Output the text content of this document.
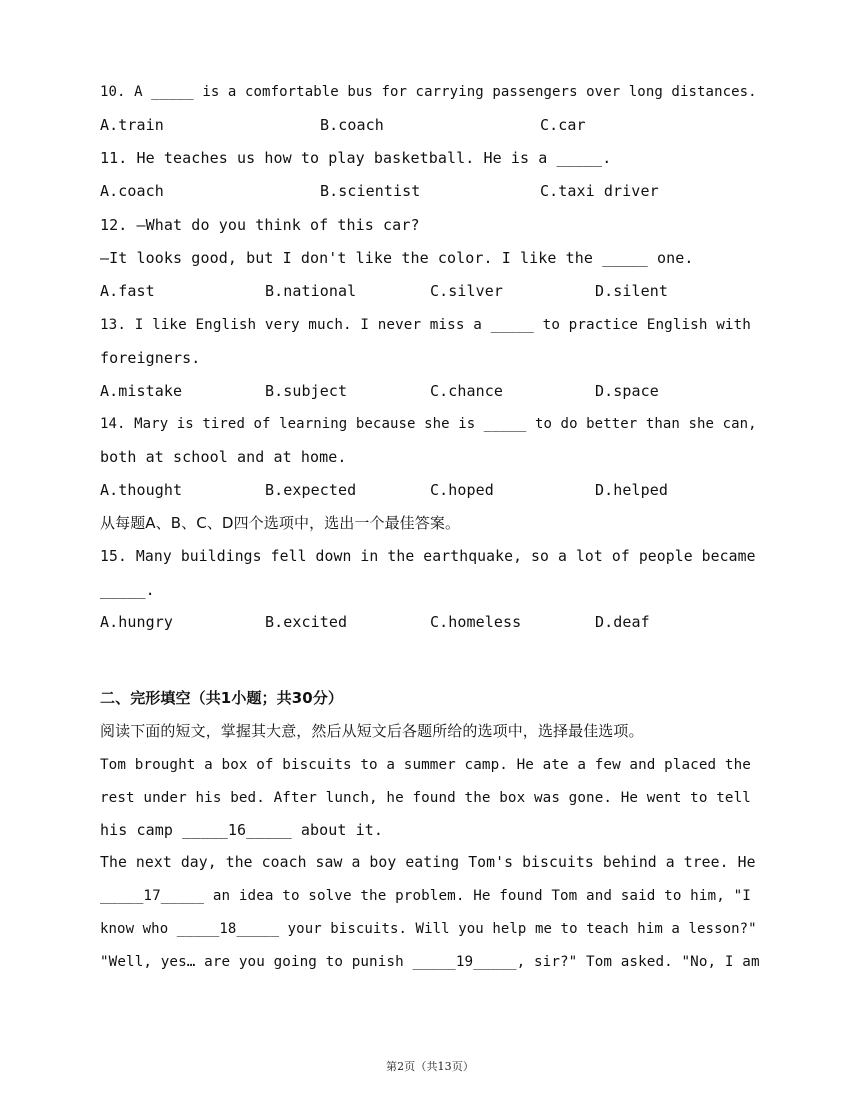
10. A _____ is a comfortable bus for carrying passengers over long distances.
A.train	B.coach	C.car
11. He teaches us how to play basketball. He is a _____.
A.coach	B.scientist	C.taxi driver
12. —What do you think of this car?
—It looks good, but I don't like the color. I like the _____ one.
A.fast	B.national	C.silver	D.silent
13. I like English very much. I never miss a _____ to practice English with
foreigners.
A.mistake	B.subject	C.chance	D.space
14. Mary is tired of learning because she is _____ to do better than she can,
both at school and at home.
A.thought	B.expected	C.hoped	D.helped
从每题A、B、C、D四个选项中，选出一个最佳答案。
15. Many buildings fell down in the earthquake, so a lot of people became
_____.
A.hungry	B.excited	C.homeless	D.deaf
二、完形填空（共1小题；共30分）
阅读下面的短文，掌握其大意，然后从短文后各题所给的选项中，选择最佳选项。
Tom brought a box of biscuits to a summer camp. He ate a few and placed the
rest under his bed. After lunch, he found the box was gone. He went to tell
his camp _____16_____ about it.
The next day, the coach saw a boy eating Tom's biscuits behind a tree. He
_____17_____ an idea to solve the problem. He found Tom and said to him, "I
know who _____18_____ your biscuits. Will you help me to teach him a lesson?"
"Well, yes… are you going to punish _____19_____, sir?" Tom asked. "No, I am
第2页（共13页）
